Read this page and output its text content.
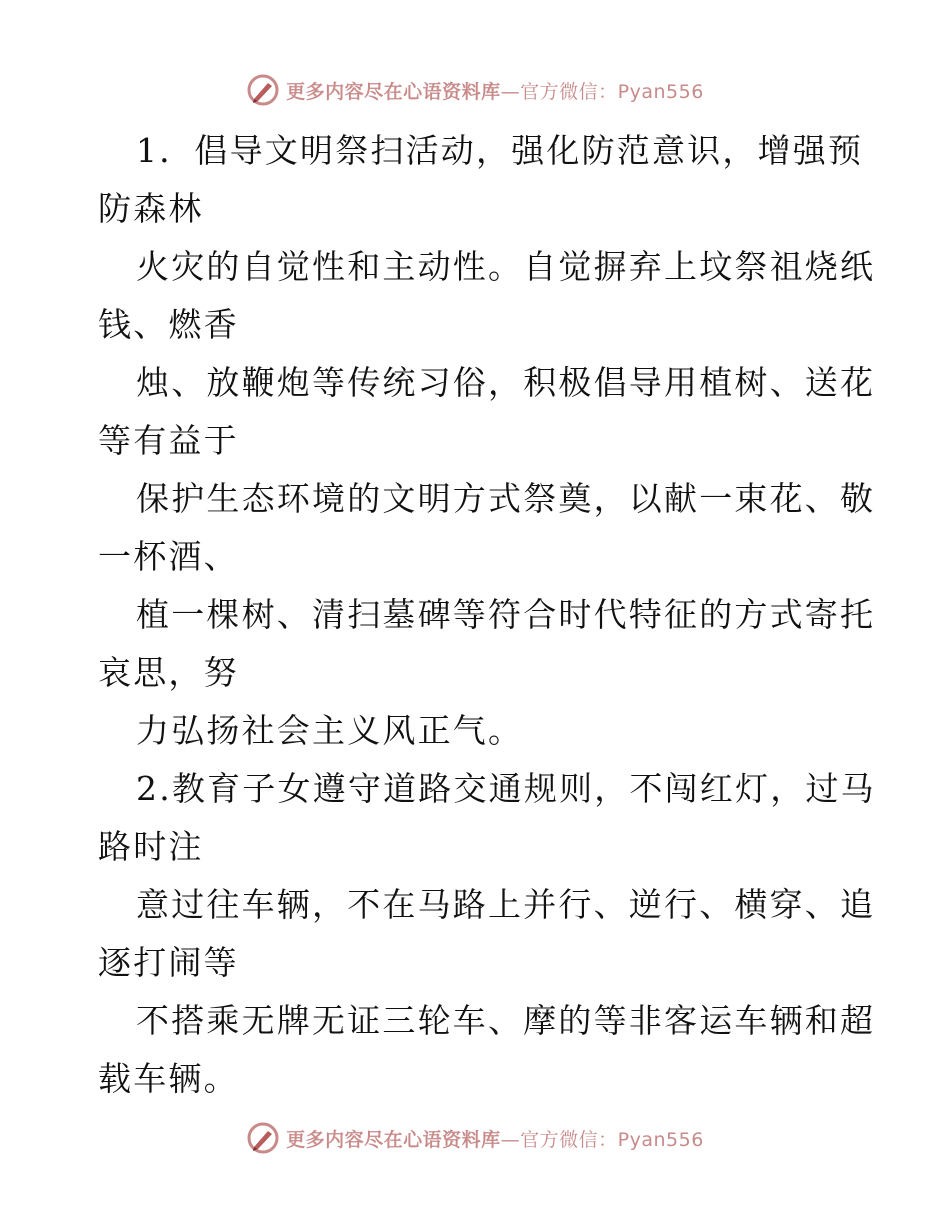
更多内容尽在心语资料库—官方微信：Pyan556
1．倡导文明祭扫活动，强化防范意识，增强预
防森林
火灾的自觉性和主动性。自觉摒弃上坟祭祖烧纸
钱、燃香
烛、放鞭炮等传统习俗，积极倡导用植树、送花
等有益于
保护生态环境的文明方式祭奠，以献一束花、敬
一杯酒、
植一棵树、清扫墓碑等符合时代特征的方式寄托
哀思，努
力弘扬社会主义风正气。
2.教育子女遵守道路交通规则，不闯红灯，过马
路时注
意过往车辆，不在马路上并行、逆行、横穿、追
逐打闹等
不搭乘无牌无证三轮车、摩的等非客运车辆和超
载车辆。
更多内容尽在心语资料库—官方微信：Pyan556
